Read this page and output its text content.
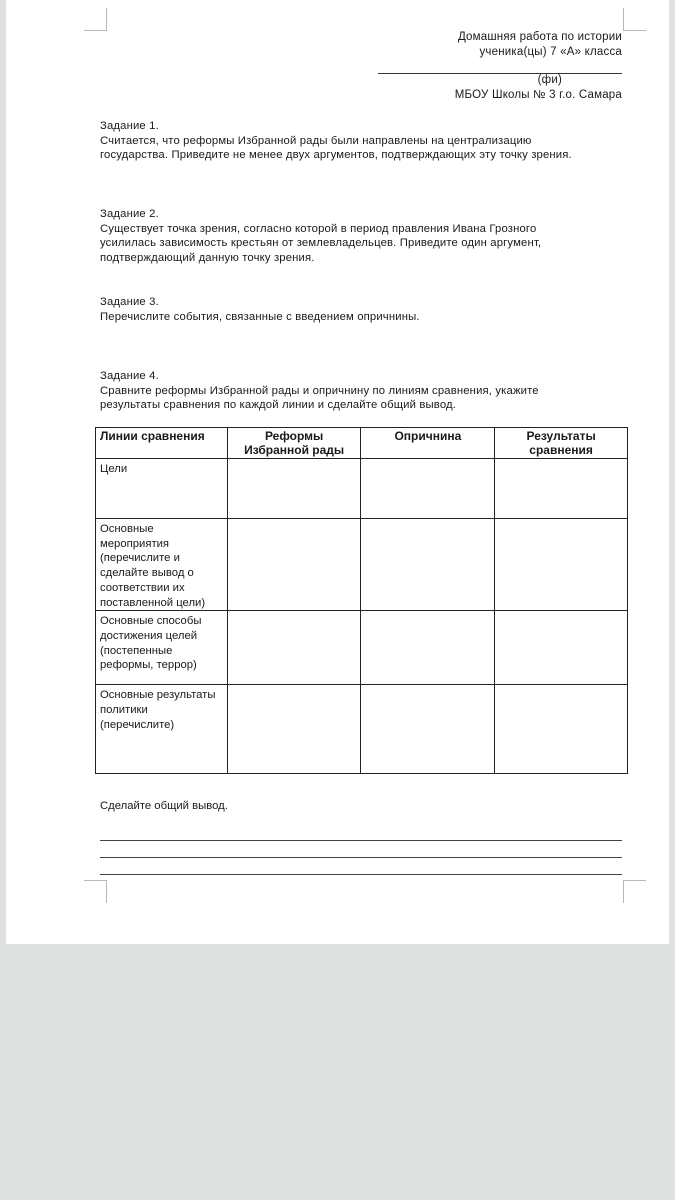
Домашняя работа по истории
ученика(цы) 7 «А» класса
(фи)
МБОУ Школы № 3 г.о. Самара
Задание 1.
Считается, что реформы Избранной рады были направлены на централизацию
государства. Приведите не менее двух аргументов, подтверждающих эту точку зрения.
Задание 2.
Существует точка зрения, согласно которой в период правления Ивана Грозного
усилилась зависимость крестьян от землевладельцев. Приведите один аргумент,
подтверждающий данную точку зрения.
Задание 3.
Перечислите события, связанные с введением опричнины.
Задание 4.
Сравните реформы Избранной рады и опричнину по линиям сравнения, укажите
результаты сравнения по каждой линии и сделайте общий вывод.
Линии сравнения	Реформы Избранной рады	Опричнина	Результаты сравнения
Цели			
Основные мероприятия (перечислите и сделайте вывод о соответствии их поставленной цели)			
Основные способы достижения целей (постепенные реформы, террор)			
Основные результаты политики (перечислите)			
Сделайте общий вывод.
